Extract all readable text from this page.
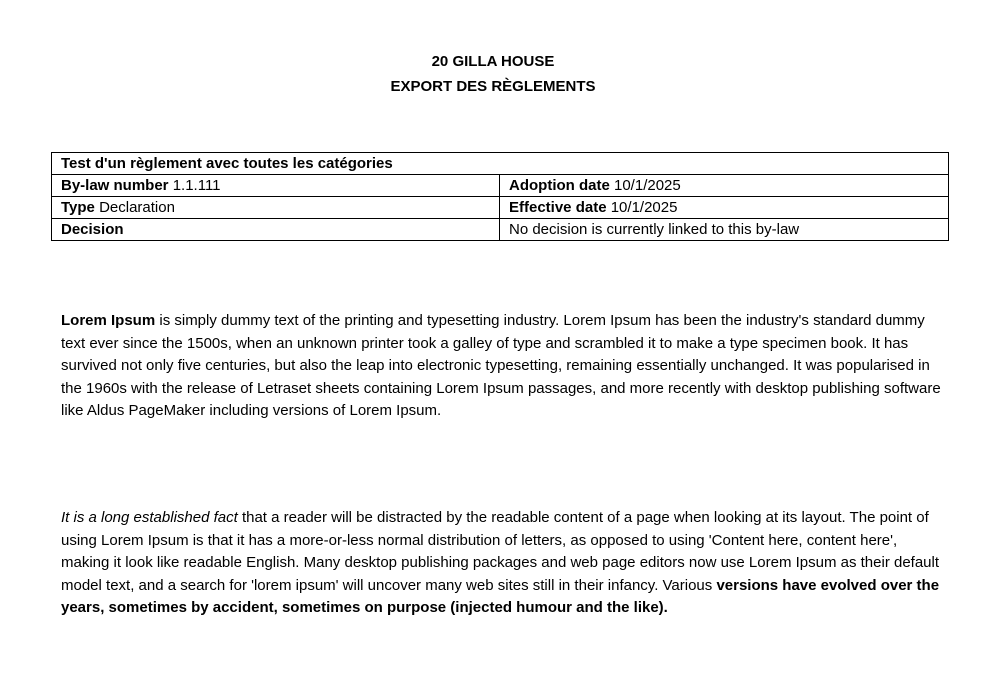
20 GILLA HOUSE
EXPORT DES RÈGLEMENTS
Test d'un règlement avec toutes les catégories	
By-law number 1.1.111	Adoption date 10/1/2025
Type Declaration	Effective date 10/1/2025
Decision	No decision is currently linked to this by-law

Lorem Ipsum is simply dummy text of the printing and typesetting industry. Lorem Ipsum has been the industry's standard dummy text ever since the 1500s, when an unknown printer took a galley of type and scrambled it to make a type specimen book. It has survived not only five centuries, but also the leap into electronic typesetting, remaining essentially unchanged. It was popularised in the 1960s with the release of Letraset sheets containing Lorem Ipsum passages, and more recently with desktop publishing software like Aldus PageMaker including versions of Lorem Ipsum.

It is a long established fact that a reader will be distracted by the readable content of a page when looking at its layout. The point of using Lorem Ipsum is that it has a more-or-less normal distribution of letters, as opposed to using 'Content here, content here', making it look like readable English. Many desktop publishing packages and web page editors now use Lorem Ipsum as their default model text, and a search for 'lorem ipsum' will uncover many web sites still in their infancy. Various versions have evolved over the years, sometimes by accident, sometimes on purpose (injected humour and the like).
